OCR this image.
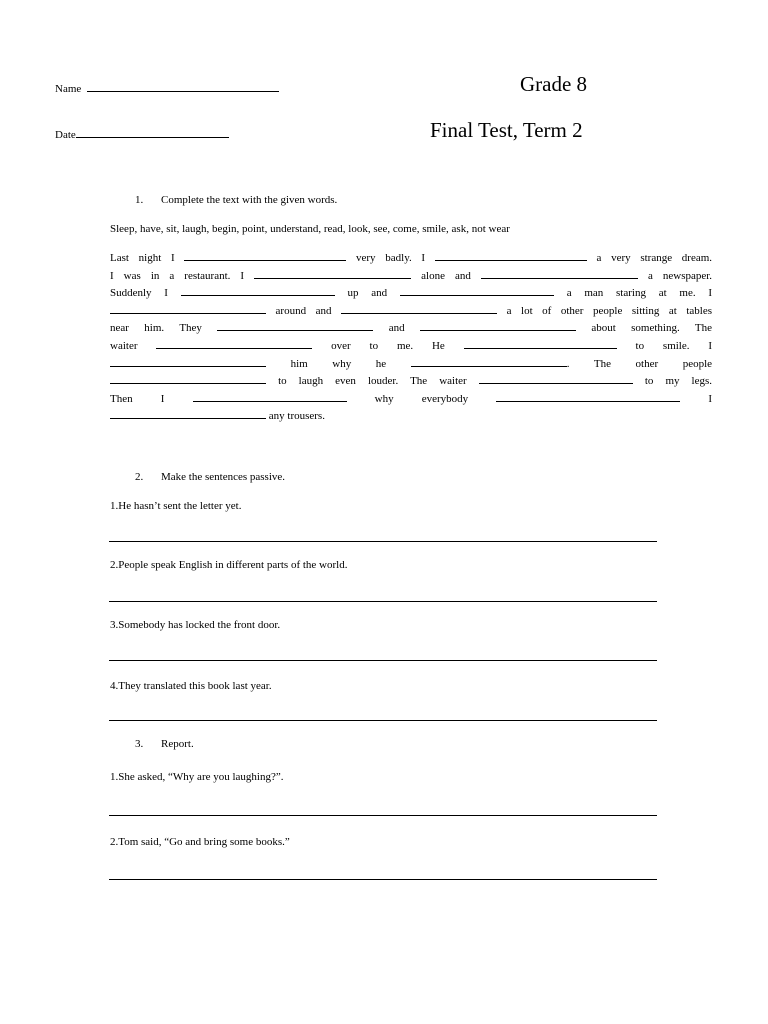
Name	Grade 8
Date	Final Test, Term 2
1. Complete the text with the given words.
Sleep, have, sit, laugh, begin, point, understand, read, look, see, come, smile, ask, not wear
Last night I	very badly. I	a very strange dream.
I was in a restaurant. I	alone and	a newspaper.
Suddenly I	up and	a man staring at me. I
around and	a lot of other people sitting at tables
near him. They	and	about something. The
waiter	over to me. He	to smile. I
him why he	. The other people
to laugh even louder. The waiter	to my legs.
Then I	why everybody	I
any trousers.
2. Make the sentences passive.
1.He hasn’t sent the letter yet.
2.People speak English in different parts of the world.
3.Somebody has locked the front door.
4.They translated this book last year.
3. Report.
1.She asked, “Why are you laughing?”.
2.Tom said, “Go and bring some books.”
